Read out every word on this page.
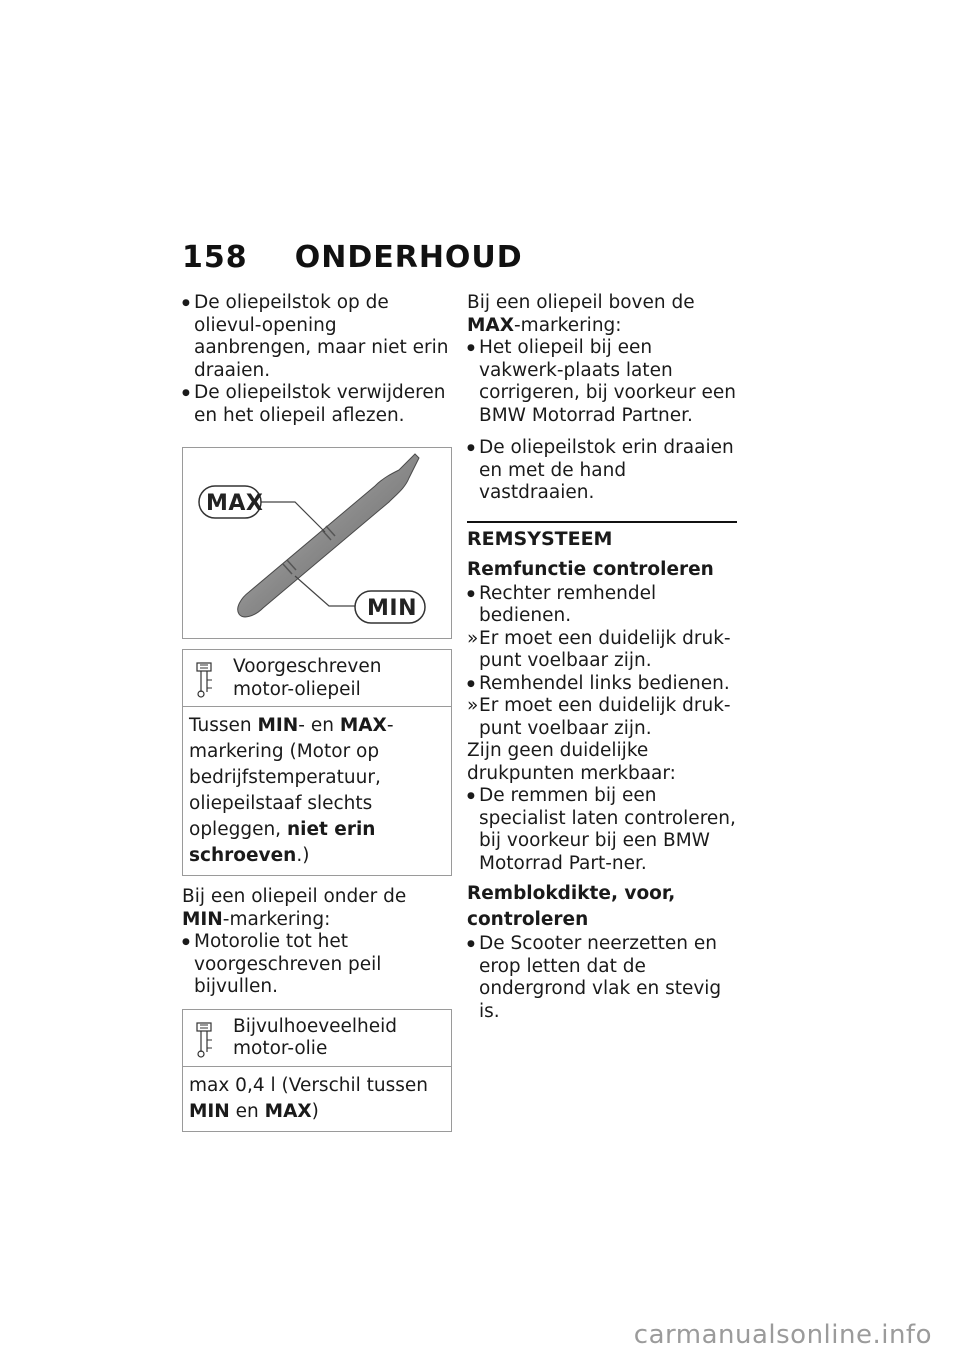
158 ONDERHOUD
● De oliepeilstok op de olievul-opening aanbrengen, maar niet erin draaien.
● De oliepeilstok verwijderen en het oliepeil aflezen.
MAX
MIN
Voorgeschreven motor-oliepeil
Tussen MIN- en MAX-markering (Motor op bedrijfstemperatuur, oliepeilstaaf slechts opleggen, niet erin schroeven.)
Bij een oliepeil onder de MIN-markering:
● Motorolie tot het voorgeschreven peil bijvullen.
Bijvulhoeveelheid motor-olie
max 0,4 l (Verschil tussen MIN en MAX)
Bij een oliepeil boven de MAX-markering:
● Het oliepeil bij een vakwerk-plaats laten corrigeren, bij voorkeur een BMW Motorrad Partner.
● De oliepeilstok erin draaien en met de hand vastdraaien.
REMSYSTEEM
Remfunctie controleren
● Rechter remhendel bedienen.
» Er moet een duidelijk druk-punt voelbaar zijn.
● Remhendel links bedienen.
» Er moet een duidelijk druk-punt voelbaar zijn.
Zijn geen duidelijke drukpunten merkbaar:
● De remmen bij een specialist laten controleren, bij voorkeur bij een BMW Motorrad Part-ner.
Remblokdikte, voor, controleren
● De Scooter neerzetten en erop letten dat de ondergrond vlak en stevig is.
carmanualsonline.info
